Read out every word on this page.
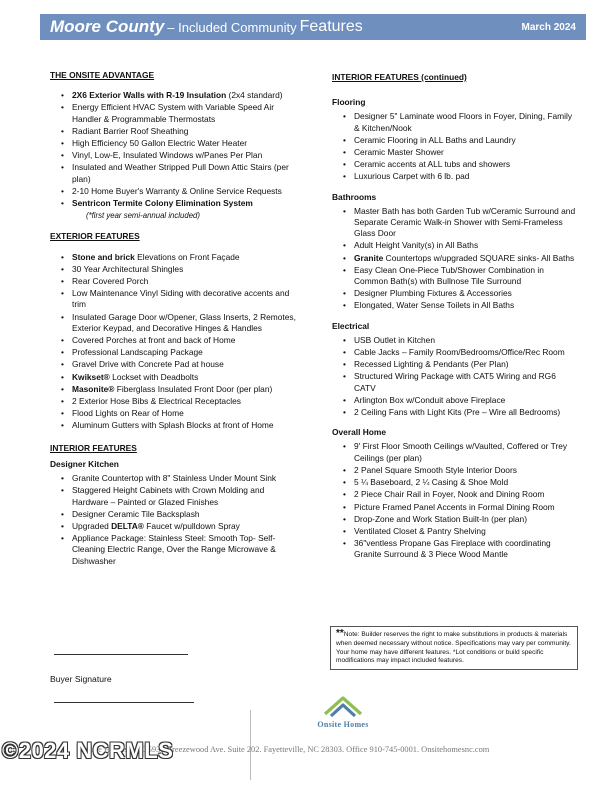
Moore County – Included Community Features	March 2024
THE ONSITE ADVANTAGE
• 2X6 Exterior Walls with R-19 Insulation (2x4 standard)
• Energy Efficient HVAC System with Variable Speed Air Handler & Programmable Thermostats
• Radiant Barrier Roof Sheathing
• High Efficiency 50 Gallon Electric Water Heater
• Vinyl, Low-E, Insulated Windows w/Panes Per Plan
• Insulated and Weather Stripped Pull Down Attic Stairs (per plan)
• 2-10 Home Buyer's Warranty & Online Service Requests
• Sentricon Termite Colony Elimination System
(*first year semi-annual included)
EXTERIOR FEATURES
• Stone and brick Elevations on Front Façade
• 30 Year Architectural Shingles
• Rear Covered Porch
• Low Maintenance Vinyl Siding with decorative accents and trim
• Insulated Garage Door w/Opener, Glass Inserts, 2 Remotes, Exterior Keypad, and Decorative Hinges & Handles
• Covered Porches at front and back of Home
• Professional Landscaping Package
• Gravel Drive with Concrete Pad at house
• Kwikset® Lockset with Deadbolts
• Masonite® Fiberglass Insulated Front Door (per plan)
• 2 Exterior Hose Bibs & Electrical Receptacles
• Flood Lights on Rear of Home
• Aluminum Gutters with Splash Blocks at front of Home
INTERIOR FEATURES
Designer Kitchen
• Granite Countertop with 8" Stainless Under Mount Sink
• Staggered Height Cabinets with Crown Molding and Hardware – Painted or Glazed Finishes
• Designer Ceramic Tile Backsplash
• Upgraded DELTA® Faucet w/pulldown Spray
• Appliance Package: Stainless Steel: Smooth Top- Self-Cleaning Electric Range, Over the Range Microwave & Dishwasher
INTERIOR FEATURES (continued)
Flooring
• Designer 5" Laminate wood Floors in Foyer, Dining, Family & Kitchen/Nook
• Ceramic Flooring in ALL Baths and Laundry
• Ceramic Master Shower
• Ceramic accents at ALL tubs and showers
• Luxurious Carpet with 6 lb. pad
Bathrooms
• Master Bath has both Garden Tub w/Ceramic Surround and Separate Ceramic Walk-in Shower with Semi-Frameless Glass Door
• Adult Height Vanity(s) in All Baths
• Granite Countertops w/upgraded SQUARE sinks- All Baths
• Easy Clean One-Piece Tub/Shower Combination in Common Bath(s) with Bullnose Tile Surround
• Designer Plumbing Fixtures & Accessories
• Elongated, Water Sense Toilets in All Baths
Electrical
• USB Outlet in Kitchen
• Cable Jacks – Family Room/Bedrooms/Office/Rec Room
• Recessed Lighting & Pendants (Per Plan)
• Structured Wiring Package with CAT5 Wiring and RG6 CATV
• Arlington Box w/Conduit above Fireplace
• 2 Ceiling Fans with Light Kits (Pre – Wire all Bedrooms)
Overall Home
• 9' First Floor Smooth Ceilings w/Vaulted, Coffered or Trey Ceilings (per plan)
• 2 Panel Square Smooth Style Interior Doors
• 5 ¼ Baseboard, 2 ¼ Casing & Shoe Mold
• 2 Piece Chair Rail in Foyer, Nook and Dining Room
• Picture Framed Panel Accents in Formal Dining Room
• Drop-Zone and Work Station Built-In (per plan)
• Ventilated Closet & Pantry Shelving
• 36"ventless Propane Gas Fireplace with coordinating Granite Surround & 3 Piece Wood Mantle
**Note: Builder reserves the right to make substitutions in products & materials when deemed necessary without notice. Specifications may vary per community. Your home may have different features. *Lot conditions or build specific modifications may impact included features.
Buyer Signature
Onsite Homes
Onsite Homes LLC 5931 Breezewood Ave. Suite 202. Fayetteville, NC 28303. Office 910-745-0001. Onsitehomesnc.com
©2024 NCRMLS
